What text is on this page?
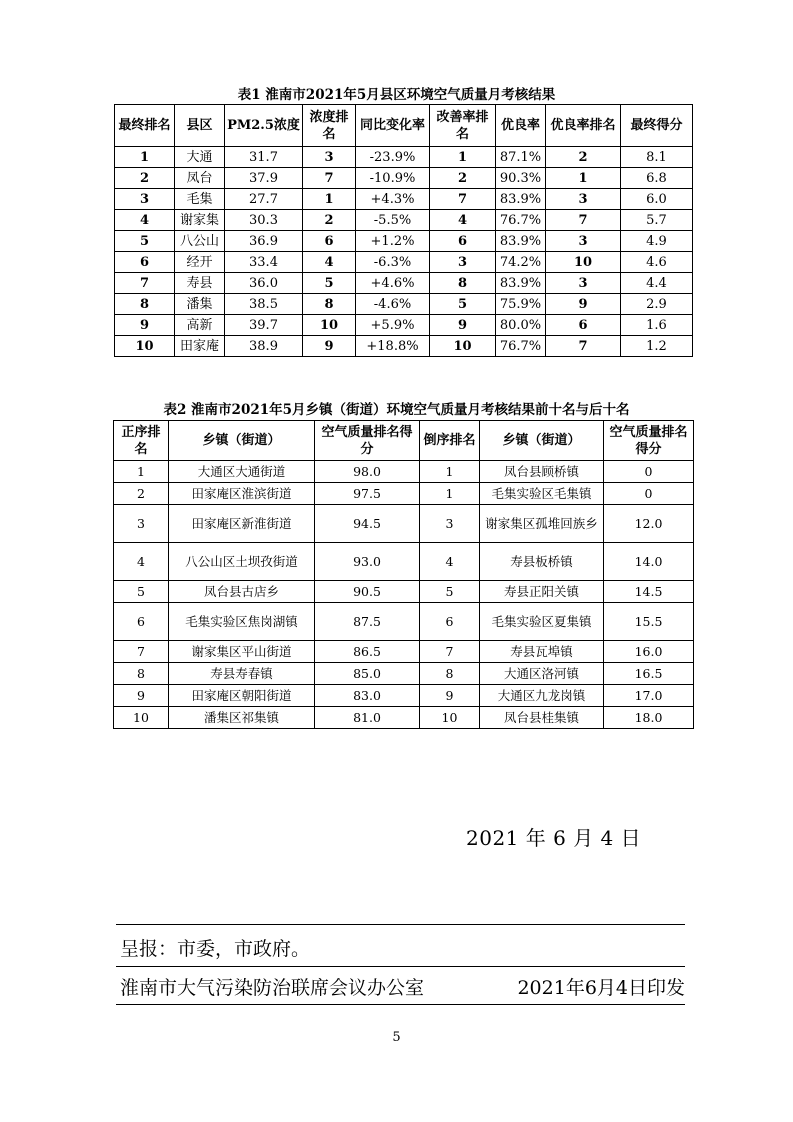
表1 淮南市2021年5月县区环境空气质量月考核结果
最终排名	县区	PM2.5浓度	浓度排名	同比变化率	改善率排名	优良率	优良率排名	最终得分
1	大通	31.7	3	-23.9%	1	87.1%	2	8.1
2	凤台	37.9	7	-10.9%	2	90.3%	1	6.8
3	毛集	27.7	1	+4.3%	7	83.9%	3	6.0
4	谢家集	30.3	2	-5.5%	4	76.7%	7	5.7
5	八公山	36.9	6	+1.2%	6	83.9%	3	4.9
6	经开	33.4	4	-6.3%	3	74.2%	10	4.6
7	寿县	36.0	5	+4.6%	8	83.9%	3	4.4
8	潘集	38.5	8	-4.6%	5	75.9%	9	2.9
9	高新	39.7	10	+5.9%	9	80.0%	6	1.6
10	田家庵	38.9	9	+18.8%	10	76.7%	7	1.2
表2 淮南市2021年5月乡镇（街道）环境空气质量月考核结果前十名与后十名
正序排名	乡镇（街道）	空气质量排名得分	倒序排名	乡镇（街道）	空气质量排名得分
1	大通区大通街道	98.0	1	凤台县顾桥镇	0
2	田家庵区淮滨街道	97.5	1	毛集实验区毛集镇	0
3	田家庵区新淮街道	94.5	3	谢家集区孤堆回族乡	12.0
4	八公山区土坝孜街道	93.0	4	寿县板桥镇	14.0
5	凤台县古店乡	90.5	5	寿县正阳关镇	14.5
6	毛集实验区焦岗湖镇	87.5	6	毛集实验区夏集镇	15.5
7	谢家集区平山街道	86.5	7	寿县瓦埠镇	16.0
8	寿县寿春镇	85.0	8	大通区洛河镇	16.5
9	田家庵区朝阳街道	83.0	9	大通区九龙岗镇	17.0
10	潘集区祁集镇	81.0	10	凤台县桂集镇	18.0
2021 年 6 月 4 日
呈报：市委，市政府。
淮南市大气污染防治联席会议办公室	2021年6月4日印发
5
